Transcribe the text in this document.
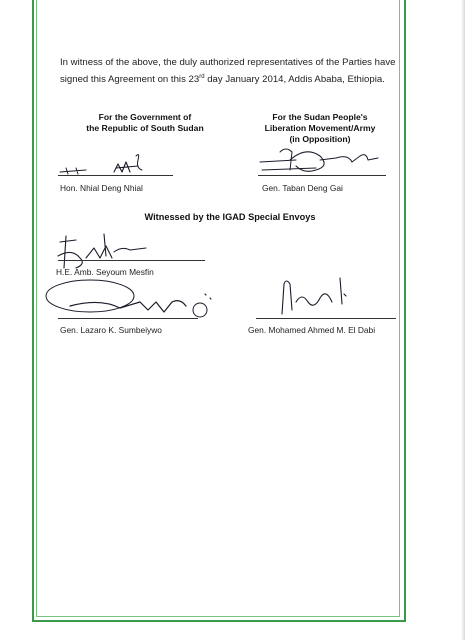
In witness of the above, the duly authorized representatives of the Parties have
signed this Agreement on this 23rd day January 2014, Addis Ababa, Ethiopia.
For the Government of
the Republic of South Sudan
For the Sudan People's
Liberation Movement/Army
(in Opposition)
Hon. Nhial Deng Nhial	Gen. Taban Deng Gai
Witnessed by the IGAD Special Envoys
H.E. Amb. Seyoum Mesfin
Gen. Lazaro K. Sumbeiywo	Gen. Mohamed Ahmed M. El Dabi
